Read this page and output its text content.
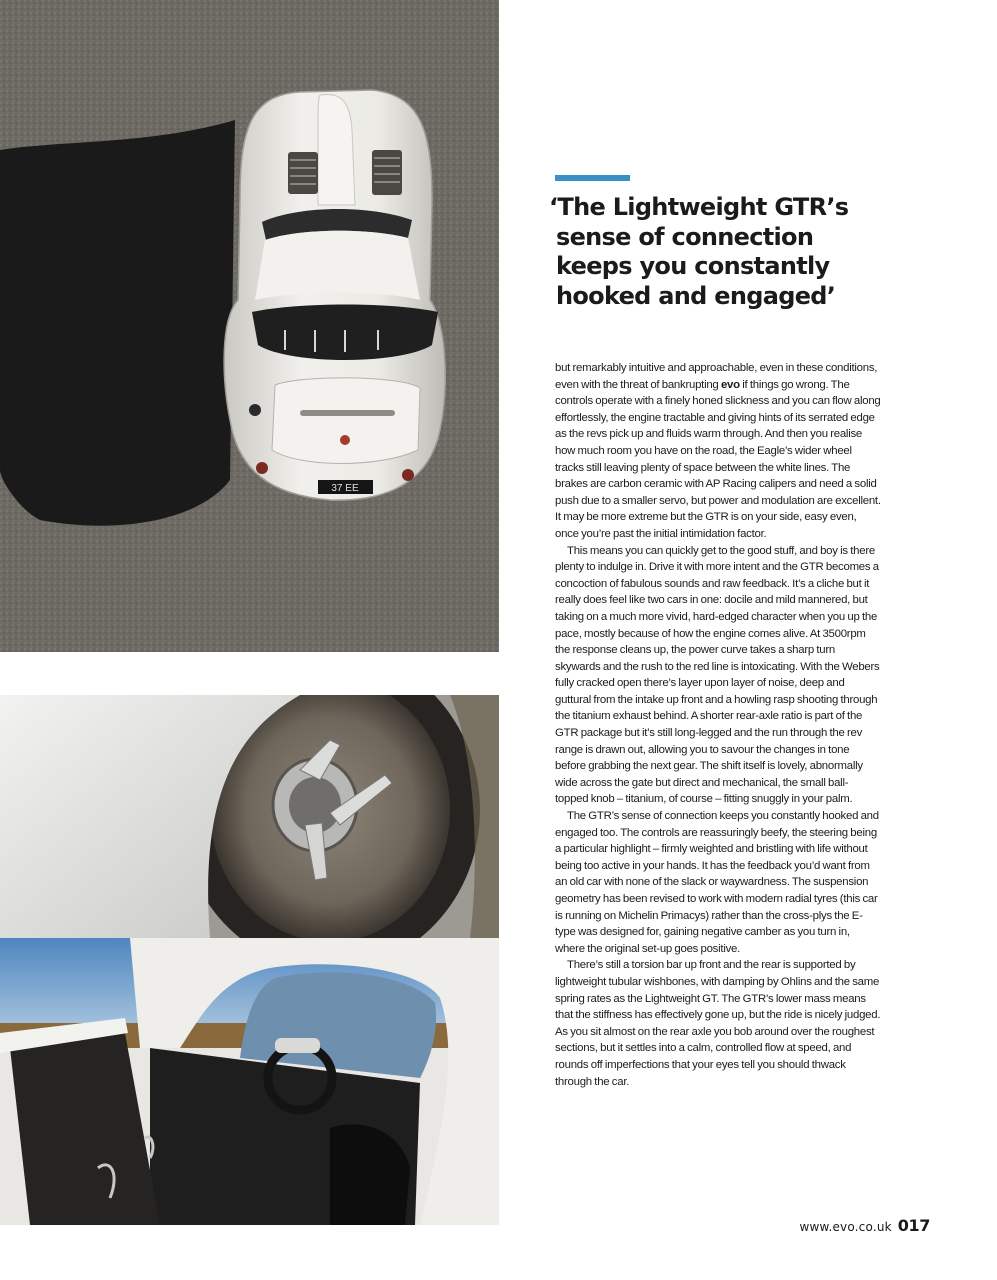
37 EE
‘The Lightweight GTR’s
sense of connection
keeps you constantly
hooked and engaged’

but remarkably intuitive and approachable, even in these conditions, even with the threat of bankrupting evo if things go wrong. The controls operate with a finely honed slickness and you can flow along effortlessly, the engine tractable and giving hints of its serrated edge as the revs pick up and fluids warm through. And then you realise how much room you have on the road, the Eagle’s wider wheel tracks still leaving plenty of space between the white lines. The brakes are carbon ceramic with AP Racing calipers and need a solid push due to a smaller servo, but power and modulation are excellent. It may be more extreme but the GTR is on your side, easy even, once you’re past the initial intimidation factor.

This means you can quickly get to the good stuff, and boy is there plenty to indulge in. Drive it with more intent and the GTR becomes a concoction of fabulous sounds and raw feedback. It’s a cliche but it really does feel like two cars in one: docile and mild mannered, but taking on a much more vivid, hard-edged character when you up the pace, mostly because of how the engine comes alive. At 3500rpm the response cleans up, the power curve takes a sharp turn skywards and the rush to the red line is intoxicating. With the Webers fully cracked open there’s layer upon layer of noise, deep and guttural from the intake up front and a howling rasp shooting through the titanium exhaust behind. A shorter rear-axle ratio is part of the GTR package but it’s still long-legged and the run through the rev range is drawn out, allowing you to savour the changes in tone before grabbing the next gear. The shift itself is lovely, abnormally wide across the gate but direct and mechanical, the small ball-topped knob – titanium, of course – fitting snuggly in your palm.

The GTR’s sense of connection keeps you constantly hooked and engaged too. The controls are reassuringly beefy, the steering being a particular highlight – firmly weighted and bristling with life without being too active in your hands. It has the feedback you’d want from an old car with none of the slack or waywardness. The suspension geometry has been revised to work with modern radial tyres (this car is running on Michelin Primacys) rather than the cross-plys the E-type was designed for, gaining negative camber as you turn in, where the original set-up goes positive.

There’s still a torsion bar up front and the rear is supported by lightweight tubular wishbones, with damping by Ohlins and the same spring rates as the Lightweight GT. The GTR’s lower mass means that the stiffness has effectively gone up, but the ride is nicely judged. As you sit almost on the rear axle you bob around over the roughest sections, but it settles into a calm, controlled flow at speed, and rounds off imperfections that your eyes tell you should thwack through the car.

www.evo.co.uk 017
